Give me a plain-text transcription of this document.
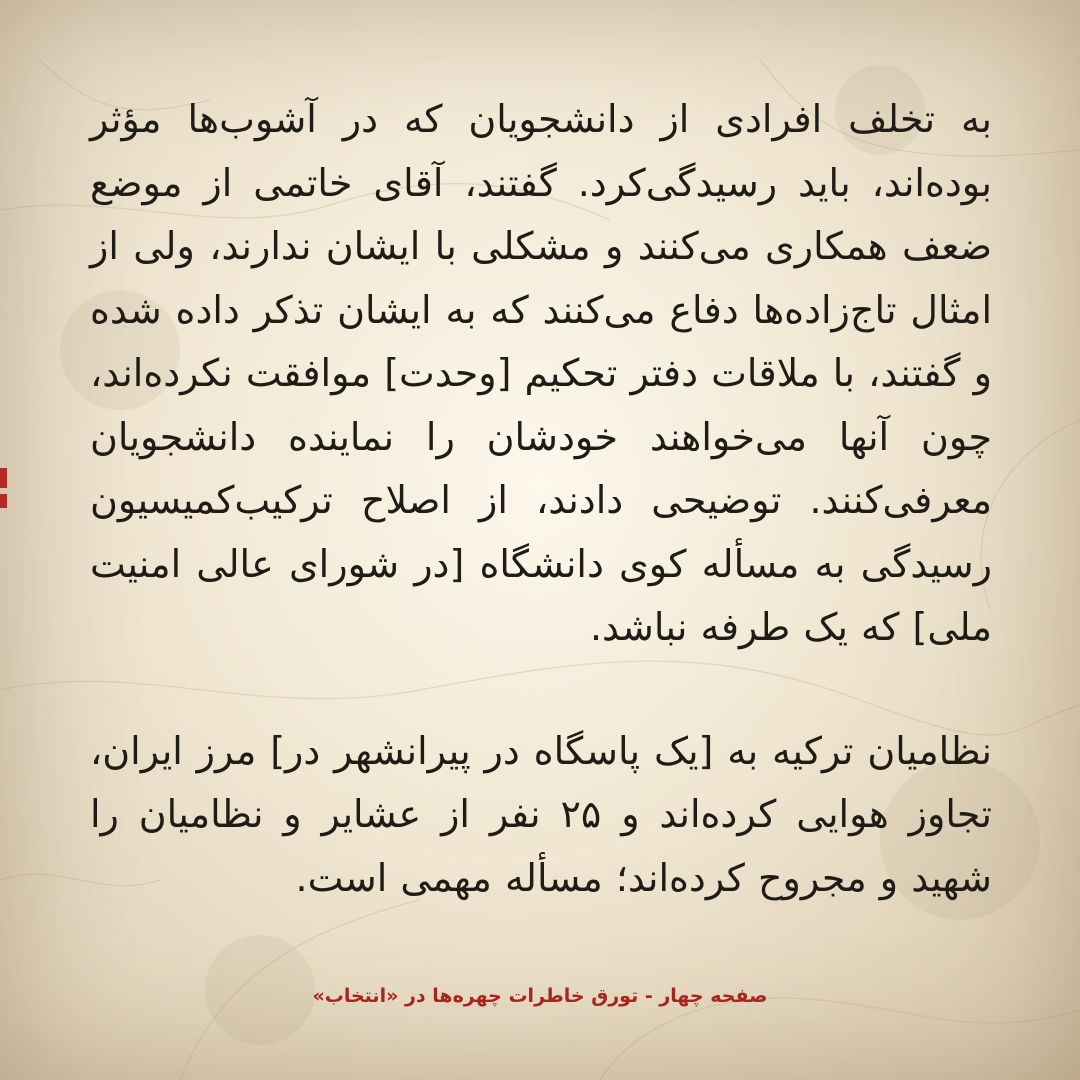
به تخلف افرادی از دانشجویان که در آشوب‌ها مؤثر بوده‌اند، باید رسیدگی‌کرد. گفتند، آقای خاتمی از موضع ضعف همکاری می‌کنند و مشکلی با ایشان ندارند، ولی از امثال تاج‌زاده‌ها دفاع می‌کنند که به ایشان تذکر داده شده و گفتند، با ملاقات دفتر تحکیم [وحدت] موافقت نکرده‌اند، چون آنها می‌خواهند خودشان را نماینده دانشجویان معرفی‌کنند. توضیحی دادند، از اصلاح ترکیب‌کمیسیون رسیدگی به مسأله کوی دانشگاه [در شورای عالی امنیت ملی] که یک طرفه نباشد.

نظامیان ترکیه به [یک پاسگاه در پیرانشهر در] مرز ایران، تجاوز هوایی کرده‌اند و ۲۵ نفر از عشایر و نظامیان را شهید و مجروح کرده‌اند؛ مسأله مهمی است.

صفحه چهار - تورق خاطرات چهره‌ها در «انتخاب»
